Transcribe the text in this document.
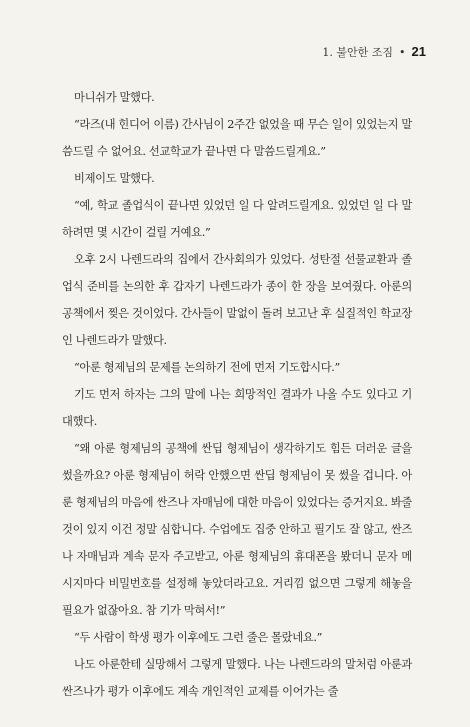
1. 불안한 조짐 • 21

마니쉬가 말했다.

“라즈(내 힌디어 이름) 간사님이 2주간 없었을 때 무슨 일이 있었는지 말씀드릴 수 없어요. 선교학교가 끝나면 다 말씀드릴게요.”

비제이도 말했다.

“예, 학교 졸업식이 끝나면 있었던 일 다 알려드릴게요. 있었던 일 다 말하려면 몇 시간이 걸릴 거예요.”

오후 2시 나렌드라의 집에서 간사회의가 있었다. 성탄절 선물교환과 졸업식 준비를 논의한 후 갑자기 나렌드라가 종이 한 장을 보여줬다. 아룬의 공책에서 찢은 것이었다. 간사들이 말없이 돌려 보고난 후 실질적인 학교장인 나렌드라가 말했다.

“아룬 형제님의 문제를 논의하기 전에 먼저 기도합시다.”

기도 먼저 하자는 그의 말에 나는 희망적인 결과가 나올 수도 있다고 기대했다.

“왜 아룬 형제님의 공책에 싼딥 형제님이 생각하기도 힘든 더러운 글을 썼을까요? 아룬 형제님이 허락 안했으면 싼딥 형제님이 못 썼을 겁니다. 아룬 형제님의 마음에 싼즈나 자매님에 대한 마음이 있었다는 증거지요. 봐줄 것이 있지 이건 정말 심합니다. 수업에도 집중 안하고 필기도 잘 않고, 싼즈나 자매님과 계속 문자 주고받고, 아룬 형제님의 휴대폰을 봤더니 문자 메시지마다 비밀번호를 설정해 놓았더라고요. 거리낌 없으면 그렇게 해놓을 필요가 없잖아요. 참 기가 막혀서!”

“두 사람이 학생 평가 이후에도 그런 줄은 몰랐네요.”

나도 아룬한테 실망해서 그렇게 말했다. 나는 나렌드라의 말처럼 아룬과 싼즈나가 평가 이후에도 계속 개인적인 교제를 이어가는 줄
